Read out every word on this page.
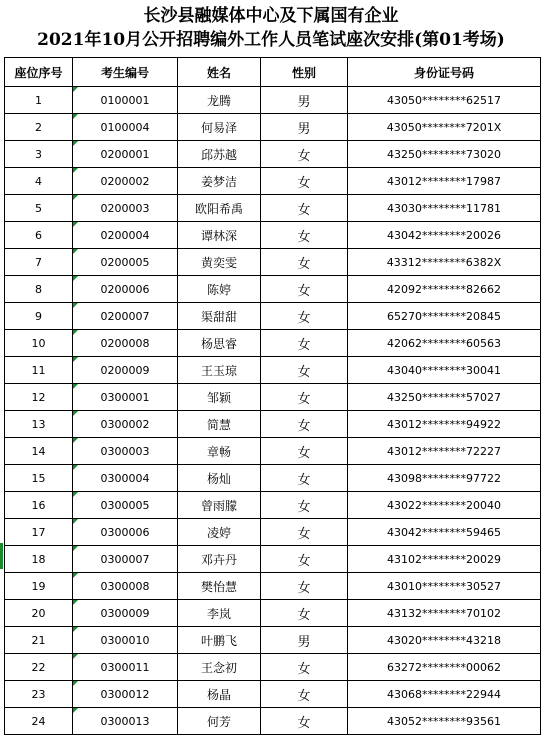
长沙县融媒体中心及下属国有企业
2021年10月公开招聘编外工作人员笔试座次安排(第01考场)
座位序号	考生编号	姓名	性别	身份证号码
1	0100001	龙腾	男	43050********62517
2	0100004	何易泽	男	43050********7201X
3	0200001	邱苏越	女	43250********73020
4	0200002	姜梦洁	女	43012********17987
5	0200003	欧阳希禹	女	43030********11781
6	0200004	谭林深	女	43042********20026
7	0200005	黄奕雯	女	43312********6382X
8	0200006	陈婷	女	42092********82662
9	0200007	渠甜甜	女	65270********20845
10	0200008	杨思睿	女	42062********60563
11	0200009	王玉琼	女	43040********30041
12	0300001	邹颖	女	43250********57027
13	0300002	简慧	女	43012********94922
14	0300003	章畅	女	43012********72227
15	0300004	杨灿	女	43098********97722
16	0300005	曾雨朦	女	43022********20040
17	0300006	凌婷	女	43042********59465
18	0300007	邓卉丹	女	43102********20029
19	0300008	樊怡慧	女	43010********30527
20	0300009	李岚	女	43132********70102
21	0300010	叶鹏飞	男	43020********43218
22	0300011	王念初	女	63272********00062
23	0300012	杨晶	女	43068********22944
24	0300013	何芳	女	43052********93561
